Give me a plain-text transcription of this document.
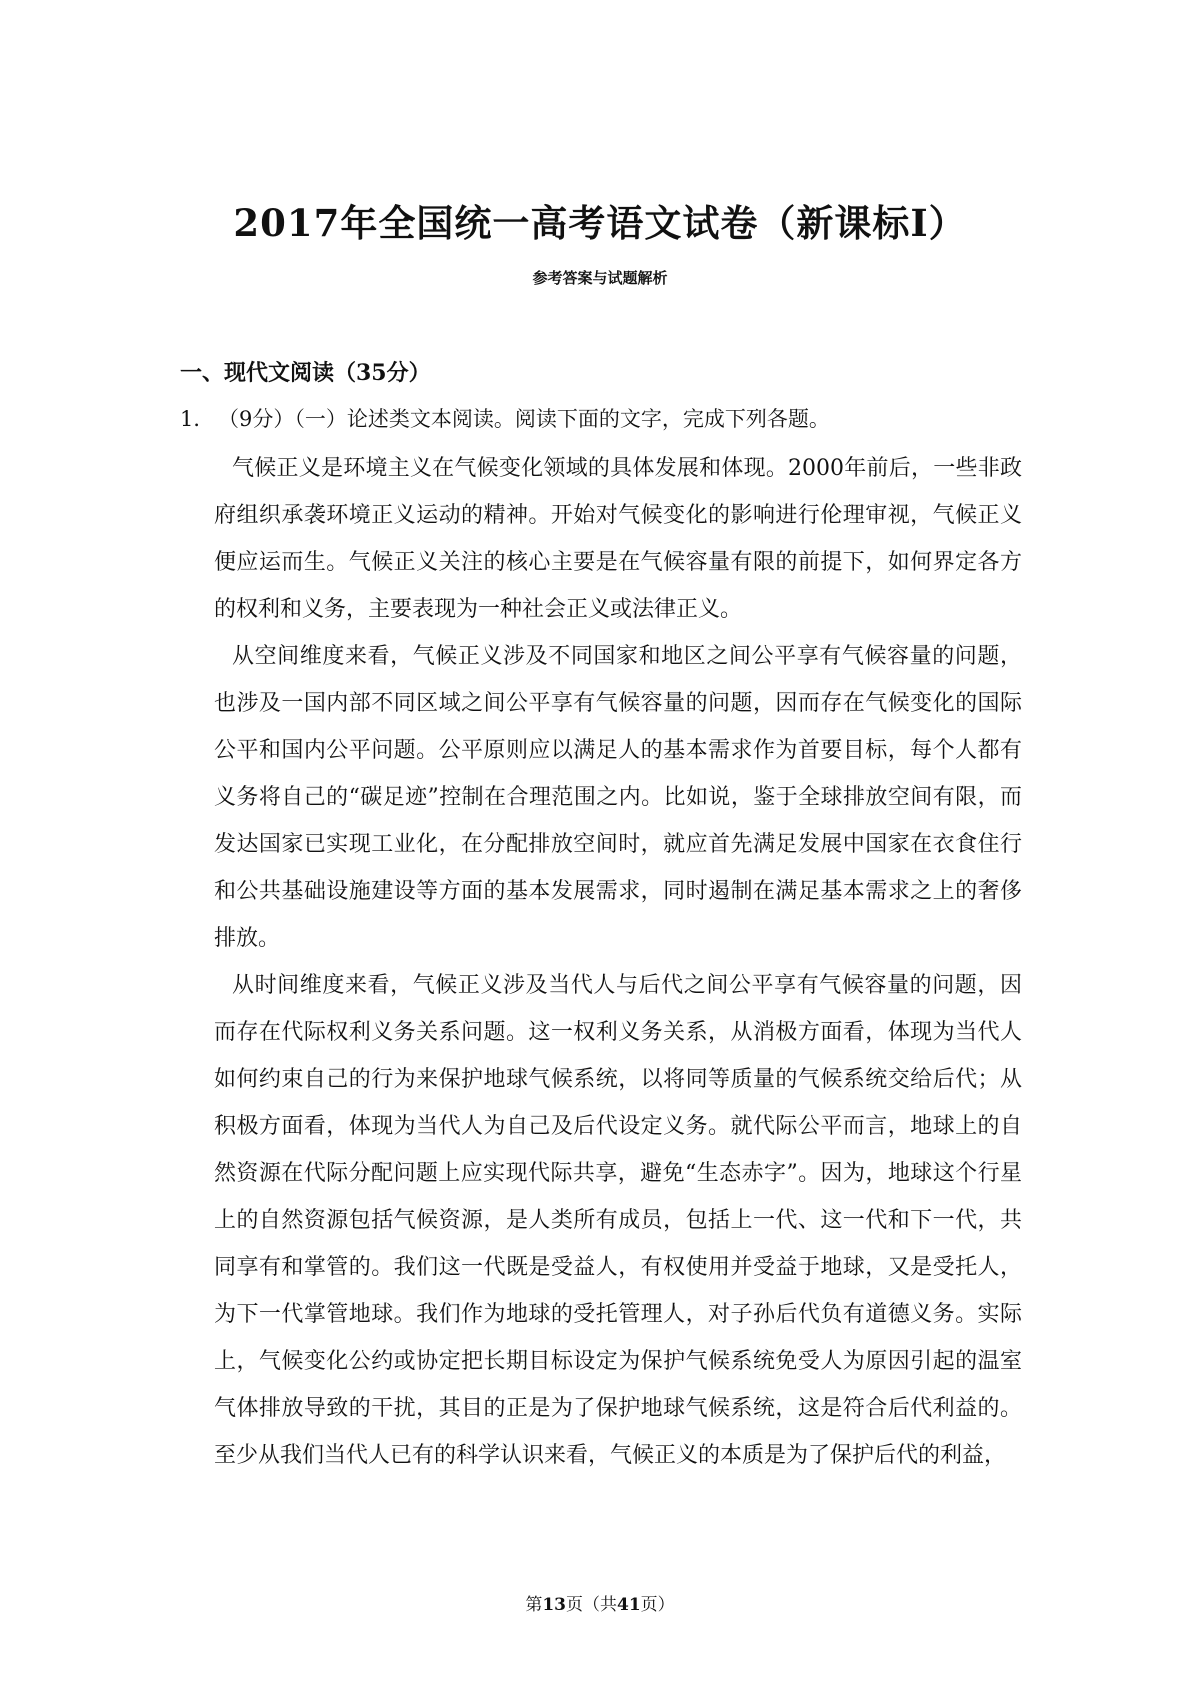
2017年全国统一高考语文试卷（新课标Ⅰ）

参考答案与试题解析

一、现代文阅读（35分）

1． （9分）（一）论述类文本阅读。阅读下面的文字，完成下列各题。

气候正义是环境主义在气候变化领域的具体发展和体现。2000年前后，一些非政府组织承袭环境正义运动的精神。开始对气候变化的影响进行伦理审视，气候正义便应运而生。气候正义关注的核心主要是在气候容量有限的前提下，如何界定各方的权利和义务，主要表现为一种社会正义或法律正义。

从空间维度来看，气候正义涉及不同国家和地区之间公平享有气候容量的问题，也涉及一国内部不同区域之间公平享有气候容量的问题，因而存在气候变化的国际公平和国内公平问题。公平原则应以满足人的基本需求作为首要目标，每个人都有义务将自己的“碳足迹”控制在合理范围之内。比如说，鉴于全球排放空间有限，而发达国家已实现工业化，在分配排放空间时，就应首先满足发展中国家在衣食住行和公共基础设施建设等方面的基本发展需求，同时遏制在满足基本需求之上的奢侈排放。

从时间维度来看，气候正义涉及当代人与后代之间公平享有气候容量的问题，因而存在代际权利义务关系问题。这一权利义务关系，从消极方面看，体现为当代人如何约束自己的行为来保护地球气候系统，以将同等质量的气候系统交给后代；从积极方面看，体现为当代人为自己及后代设定义务。就代际公平而言，地球上的自然资源在代际分配问题上应实现代际共享，避免“生态赤字”。因为，地球这个行星上的自然资源包括气候资源，是人类所有成员，包括上一代、这一代和下一代，共同享有和掌管的。我们这一代既是受益人，有权使用并受益于地球，又是受托人，为下一代掌管地球。我们作为地球的受托管理人，对子孙后代负有道德义务。实际上，气候变化公约或协定把长期目标设定为保护气候系统免受人为原因引起的温室气体排放导致的干扰，其目的正是为了保护地球气候系统，这是符合后代利益的。至少从我们当代人已有的科学认识来看，气候正义的本质是为了保护后代的利益，

第13页（共41页）
